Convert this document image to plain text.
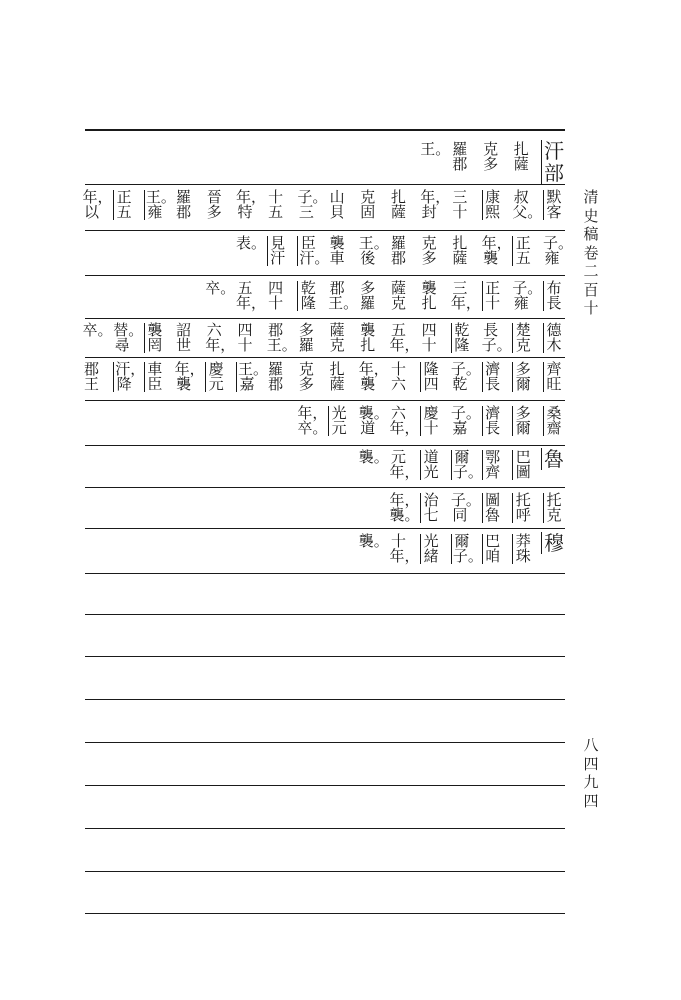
清史稿卷二百十
八四九四
汗部
扎薩
克多
羅郡
王。
默客
叔父。
康熙
三十
年，封
扎薩
克固
山貝
子。三
十五
年，特
晉多
羅郡
王。雍
正五
年，以
子。雍
正五
年，襲
扎薩
克多
羅郡
王。後
襲車
臣汗。
見汗
表。
布長
子。雍
正十
三年，
襲扎
薩克
多羅
郡王。
乾隆
四十
五年，
卒。
德木
楚克
長子。
乾隆
四十
五年，
襲扎
薩克
多羅
郡王。
四十
六年，
詔世
襲罔
替。尋
卒。
齊旺
多爾
濟長
子。乾
隆四
十六
年，襲
扎薩
克多
羅郡
王。嘉
慶元
年，襲
車臣
汗，降
郡王
桑齋
多爾
濟長
子。嘉
慶十
六年，
襲。道
光元
年，卒。
魯
巴圖
鄂齊
爾子。
道光
元年，
襲。
托克
托呼
圖魯
子。同
治七
年，襲。
穆
莽珠
巴咱
爾子。
光緒
十年，
襲。
